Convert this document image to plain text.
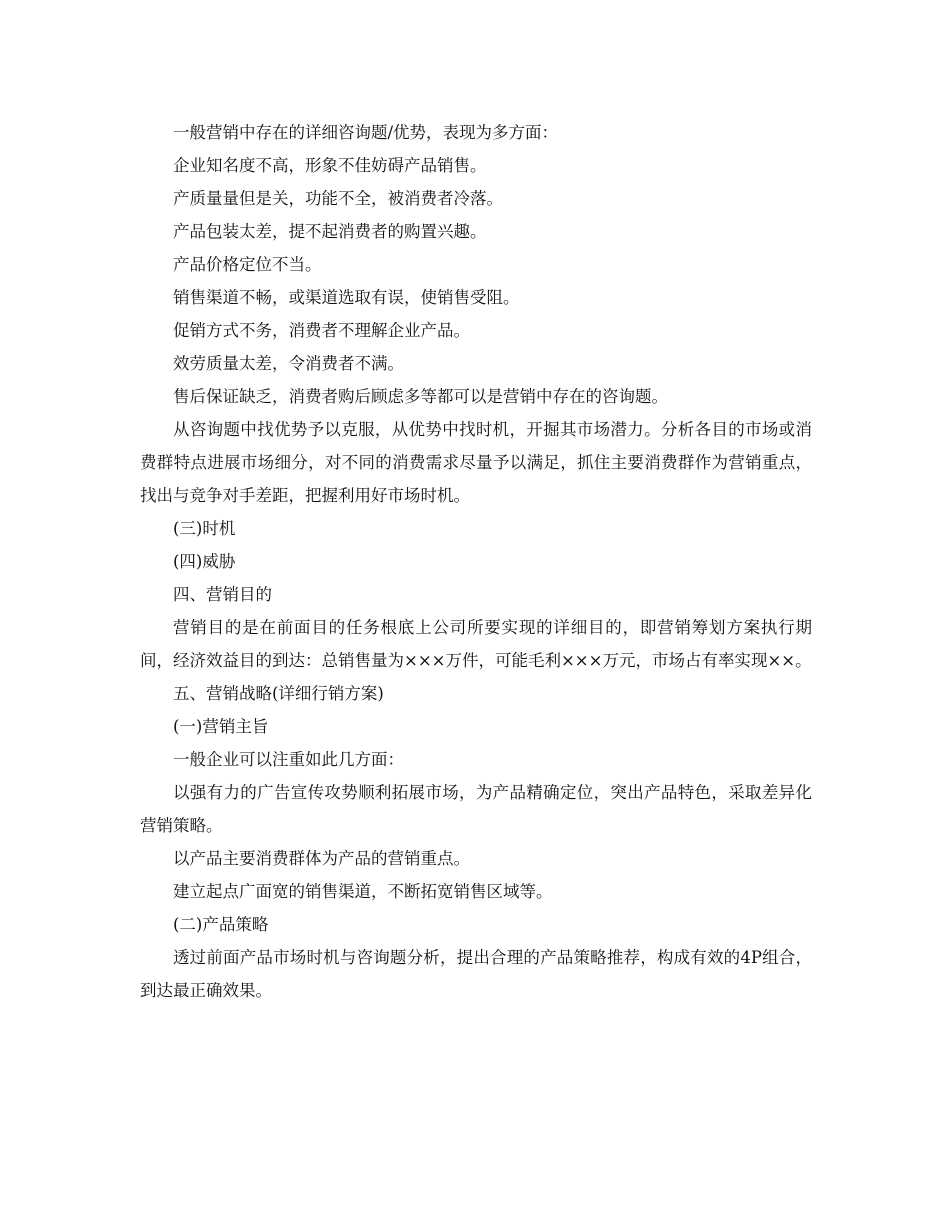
一般营销中存在的详细咨询题/优势，表现为多方面：

企业知名度不高，形象不佳妨碍产品销售。

产质量量但是关，功能不全，被消费者冷落。

产品包装太差，提不起消费者的购置兴趣。

产品价格定位不当。

销售渠道不畅，或渠道选取有误，使销售受阻。

促销方式不务，消费者不理解企业产品。

效劳质量太差，令消费者不满。

售后保证缺乏，消费者购后顾虑多等都可以是营销中存在的咨询题。

从咨询题中找优势予以克服，从优势中找时机，开掘其市场潜力。分析各目的市场或消费群特点进展市场细分，对不同的消费需求尽量予以满足，抓住主要消费群作为营销重点，找出与竞争对手差距，把握利用好市场时机。

(三)时机

(四)威胁

四、营销目的

营销目的是在前面目的任务根底上公司所要实现的详细目的，即营销筹划方案执行期间，经济效益目的到达：总销售量为×××万件，可能毛利×××万元，市场占有率实现××。

五、营销战略(详细行销方案)

(一)营销主旨

一般企业可以注重如此几方面：

以强有力的广告宣传攻势顺利拓展市场，为产品精确定位，突出产品特色，采取差异化营销策略。

以产品主要消费群体为产品的营销重点。

建立起点广面宽的销售渠道，不断拓宽销售区域等。

(二)产品策略

透过前面产品市场时机与咨询题分析，提出合理的产品策略推荐，构成有效的4P组合，到达最正确效果。
